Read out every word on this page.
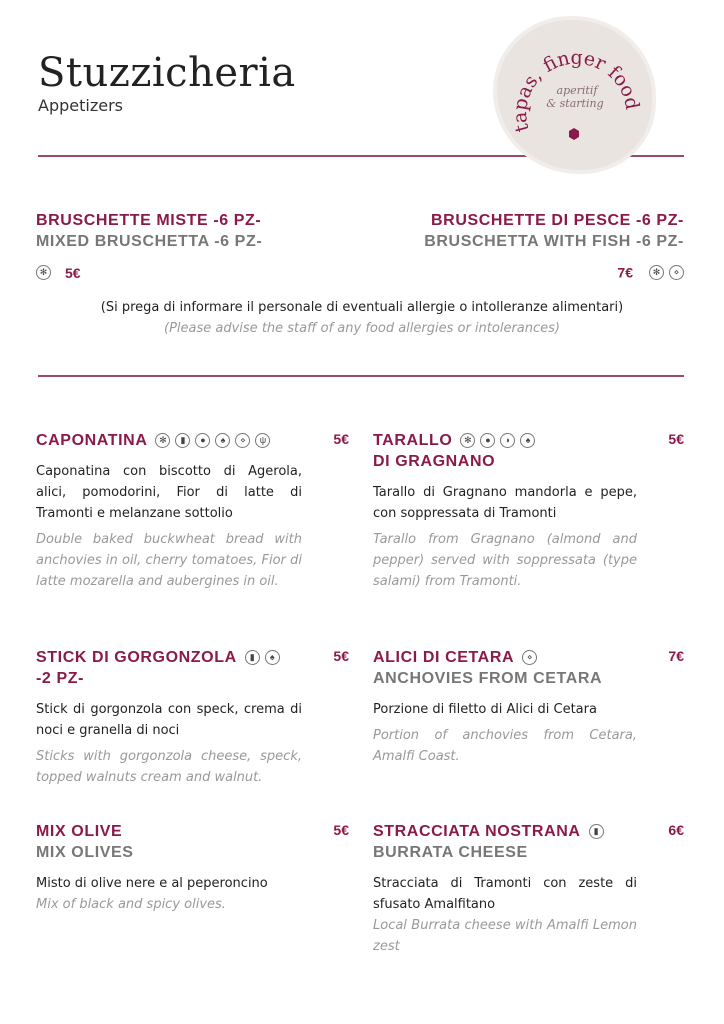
Stuzzicheria
Appetizers
tapas, finger food
aperitif
& starting
BRUSCHETTE MISTE -6 PZ-
MIXED BRUSCHETTA -6 PZ-
✻ 5€
BRUSCHETTE DI PESCE -6 PZ-
BRUSCHETTA WITH FISH -6 PZ-
7€	✻	⋄
(Si prega di informare il personale di eventuali allergie o intolleranze alimentari)
(Please advise the staff of any food allergies or intolerances)
CAPONATINA	✻	▮	●	♠	⋄	ψ	5€
Caponatina con biscotto di Agerola, alici, pomodorini, Fior di latte di Tramonti e melanzane sottolio
Double baked buckwheat bread with anchovies in oil, cherry tomatoes, Fior di latte mozarella and aubergines in oil.
TARALLO	✻	●	◗	♠	5€
DI GRAGNANO
Tarallo di Gragnano mandorla e pepe, con soppressata di Tramonti
Tarallo from Gragnano (almond and pepper) served with soppressata (type salami) from Tramonti.
STICK DI GORGONZOLA	▮	♠	5€
-2 PZ-
Stick di gorgonzola con speck, crema di noci e granella di noci
Sticks with gorgonzola cheese, speck, topped walnuts cream and walnut.
ALICI DI CETARA	⋄	7€
ANCHOVIES FROM CETARA
Porzione di filetto di Alici di Cetara
Portion of anchovies from Cetara, Amalfi Coast.
MIX OLIVE	5€
MIX OLIVES
Misto di olive nere e al peperoncino
Mix of black and spicy olives.
STRACCIATA NOSTRANA	▮	6€
BURRATA CHEESE
Stracciata di Tramonti con zeste di sfusato Amalfitano
Local Burrata cheese with Amalfi Lemon zest
